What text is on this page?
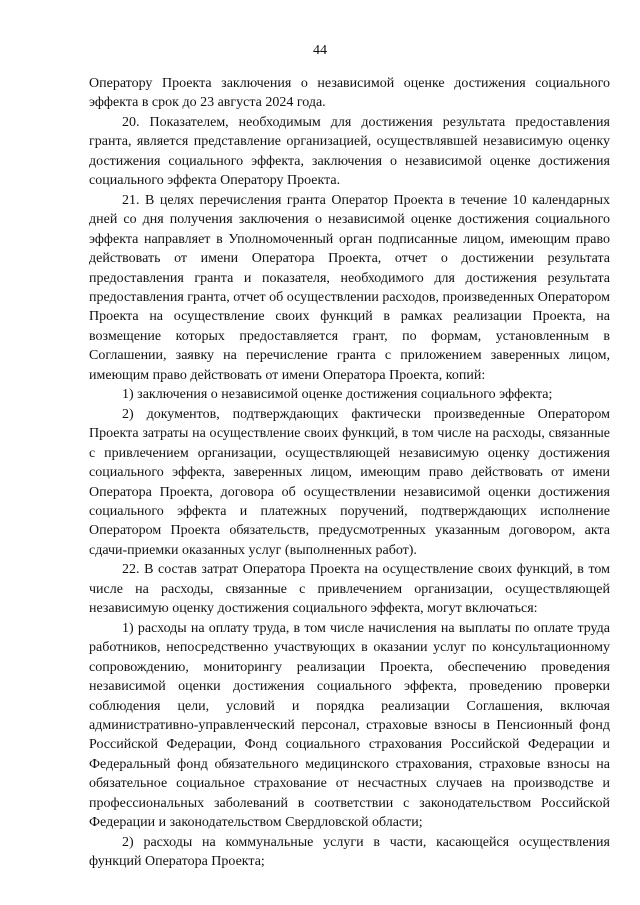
44

Оператору Проекта заключения о независимой оценке достижения социального эффекта в срок до 23 августа 2024 года.

20. Показателем, необходимым для достижения результата предоставления гранта, является представление организацией, осуществлявшей независимую оценку достижения социального эффекта, заключения о независимой оценке достижения социального эффекта Оператору Проекта.

21. В целях перечисления гранта Оператор Проекта в течение 10 календарных дней со дня получения заключения о независимой оценке достижения социального эффекта направляет в Уполномоченный орган подписанные лицом, имеющим право действовать от имени Оператора Проекта, отчет о достижении результата предоставления гранта и показателя, необходимого для достижения результата предоставления гранта, отчет об осуществлении расходов, произведенных Оператором Проекта на осуществление своих функций в рамках реализации Проекта, на возмещение которых предоставляется грант, по формам, установленным в Соглашении, заявку на перечисление гранта с приложением заверенных лицом, имеющим право действовать от имени Оператора Проекта, копий:

1) заключения о независимой оценке достижения социального эффекта;

2) документов, подтверждающих фактически произведенные Оператором Проекта затраты на осуществление своих функций, в том числе на расходы, связанные с привлечением организации, осуществляющей независимую оценку достижения социального эффекта, заверенных лицом, имеющим право действовать от имени Оператора Проекта, договора об осуществлении независимой оценки достижения социального эффекта и платежных поручений, подтверждающих исполнение Оператором Проекта обязательств, предусмотренных указанным договором, акта сдачи-приемки оказанных услуг (выполненных работ).

22. В состав затрат Оператора Проекта на осуществление своих функций, в том числе на расходы, связанные с привлечением организации, осуществляющей независимую оценку достижения социального эффекта, могут включаться:

1) расходы на оплату труда, в том числе начисления на выплаты по оплате труда работников, непосредственно участвующих в оказании услуг по консультационному сопровождению, мониторингу реализации Проекта, обеспечению проведения независимой оценки достижения социального эффекта, проведению проверки соблюдения цели, условий и порядка реализации Соглашения, включая административно-управленческий персонал, страховые взносы в Пенсионный фонд Российской Федерации, Фонд социального страхования Российской Федерации и Федеральный фонд обязательного медицинского страхования, страховые взносы на обязательное социальное страхование от несчастных случаев на производстве и профессиональных заболеваний в соответствии с законодательством Российской Федерации и законодательством Свердловской области;

2) расходы на коммунальные услуги в части, касающейся осуществления функций Оператора Проекта;
